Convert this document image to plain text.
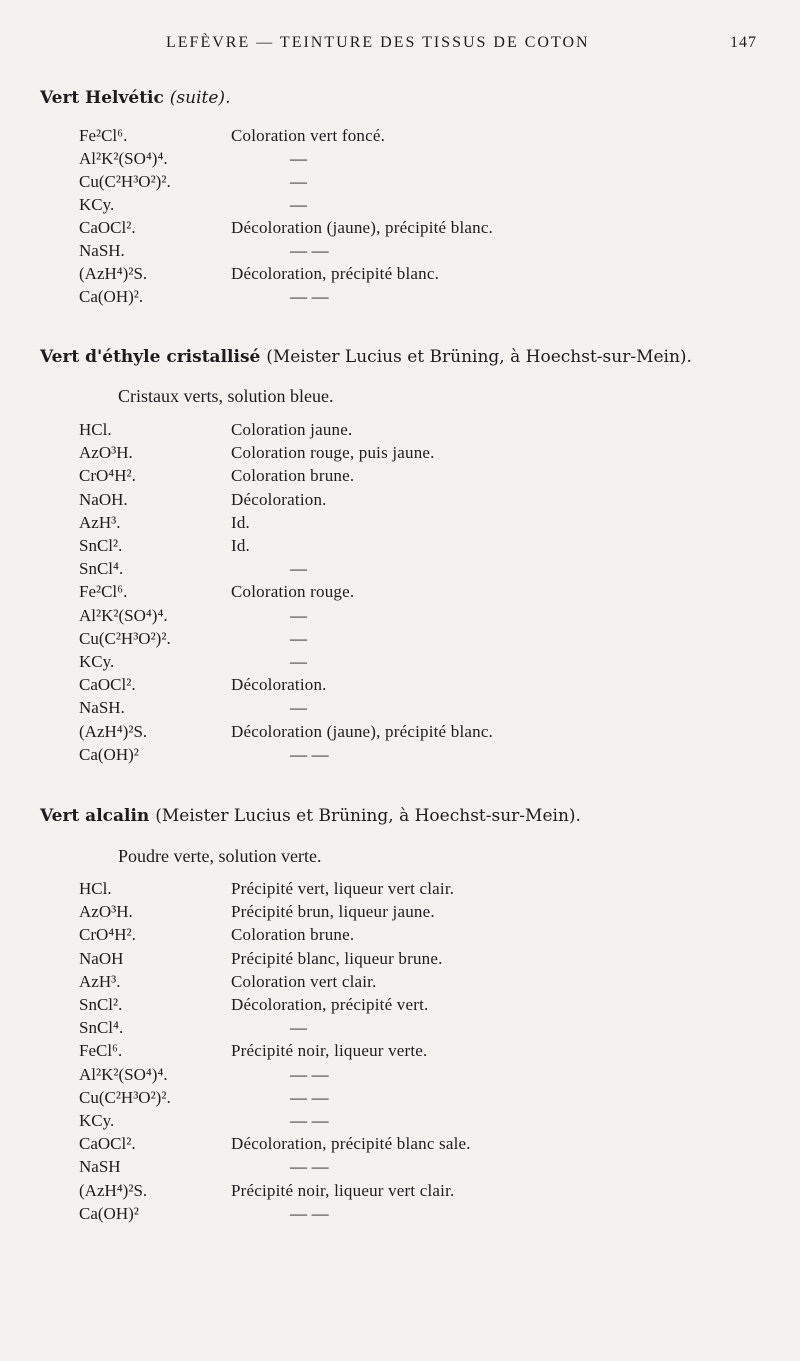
LEFÈVRE — TEINTURE DES TISSUS DE COTON	147
Vert Helvétic (suite).
Fe²Cl⁶.	Coloration vert foncé.
Al²K²(SO⁴)⁴.	—
Cu(C²H³O²)².	—
KCy.	—
CaOCl².	Décoloration (jaune), précipité blanc.
NaSH.	— —
(AzH⁴)²S.	Décoloration, précipité blanc.
Ca(OH)².	— —
Vert d'éthyle cristallisé (Meister Lucius et Brüning, à Hoechst-sur-Mein).
Cristaux verts, solution bleue.
HCl.	Coloration jaune.
AzO³H.	Coloration rouge, puis jaune.
CrO⁴H².	Coloration brune.
NaOH.	Décoloration.
AzH³.	Id.
SnCl².	Id.
SnCl⁴.	—
Fe²Cl⁶.	Coloration rouge.
Al²K²(SO⁴)⁴.	—
Cu(C²H³O²)².	—
KCy.	—
CaOCl².	Décoloration.
NaSH.	—
(AzH⁴)²S.	Décoloration (jaune), précipité blanc.
Ca(OH)²	— —
Vert alcalin (Meister Lucius et Brüning, à Hoechst-sur-Mein).
Poudre verte, solution verte.
HCl.	Précipité vert, liqueur vert clair.
AzO³H.	Précipité brun, liqueur jaune.
CrO⁴H².	Coloration brune.
NaOH	Précipité blanc, liqueur brune.
AzH³.	Coloration vert clair.
SnCl².	Décoloration, précipité vert.
SnCl⁴.	—
FeCl⁶.	Précipité noir, liqueur verte.
Al²K²(SO⁴)⁴.	— —
Cu(C²H³O²)².	— —
KCy.	— —
CaOCl².	Décoloration, précipité blanc sale.
NaSH	— —
(AzH⁴)²S.	Précipité noir, liqueur vert clair.
Ca(OH)²	— —
